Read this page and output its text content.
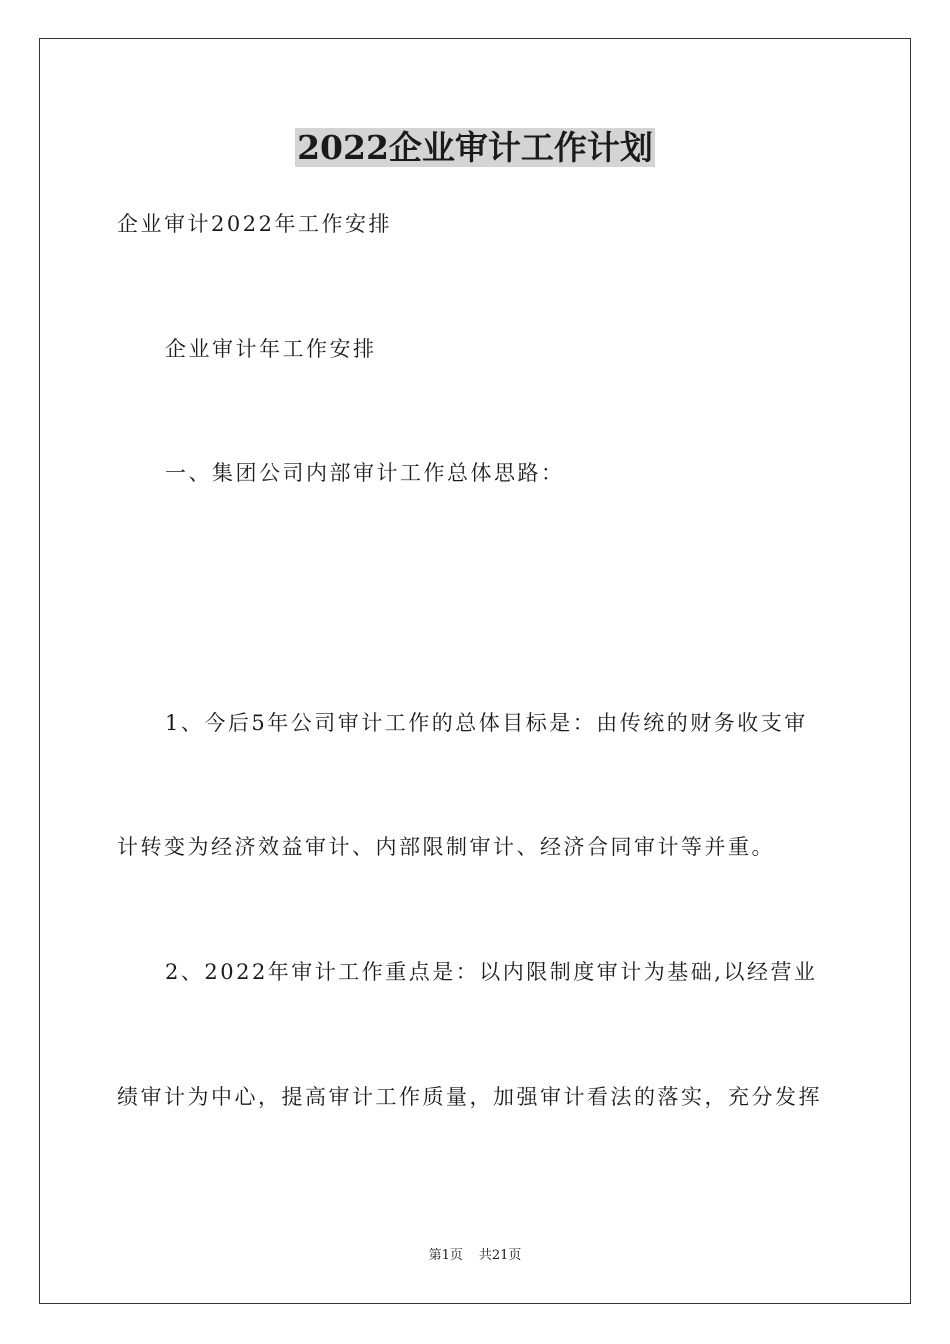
2022企业审计工作计划

企业审计2022年工作安排

企业审计年工作安排

一、集团公司内部审计工作总体思路：

1、今后5年公司审计工作的总体目标是：由传统的财务收支审

计转变为经济效益审计、内部限制审计、经济合同审计等并重。

2、2022年审计工作重点是：以内限制度审计为基础,以经营业

绩审计为中心，提高审计工作质量，加强审计看法的落实，充分发挥

第1页 共21页
